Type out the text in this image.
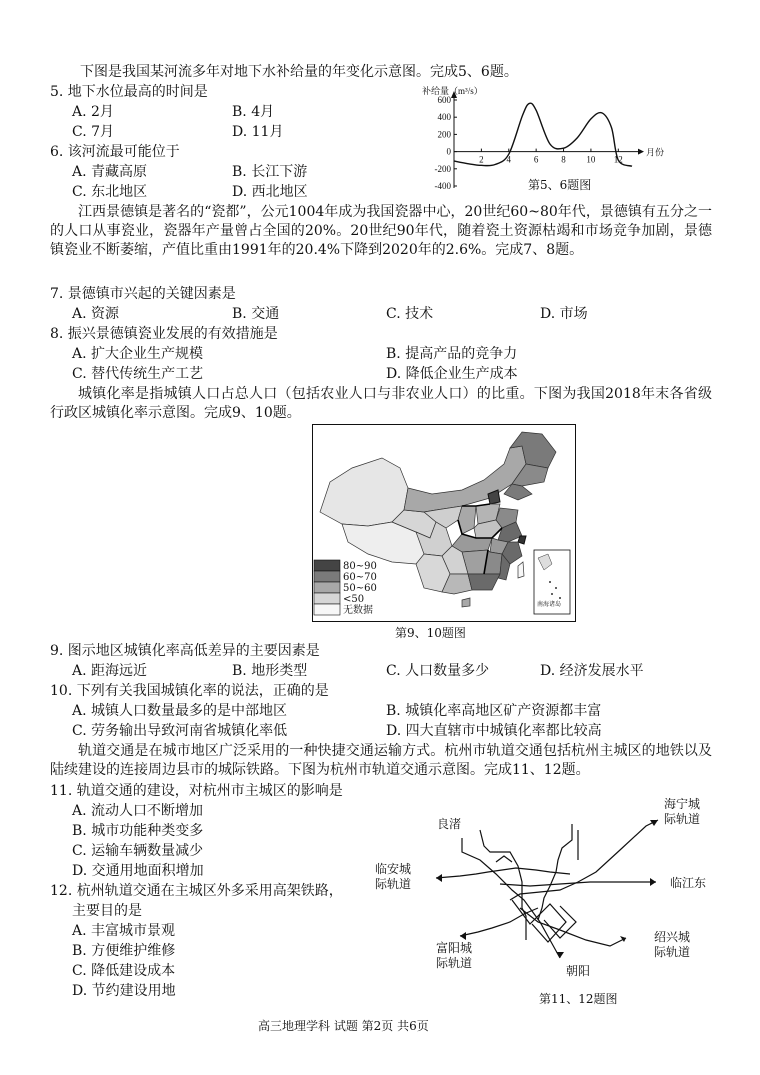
下图是我国某河流多年对地下水补给量的年变化示意图。完成5、6题。
5. 地下水位最高的时间是
A. 2月	B. 4月
C. 7月	D. 11月
6. 该河流最可能位于
A. 青藏高原	B. 长江下游
C. 东北地区	D. 西北地区
600
400
200
0
-200
-400
2	4	6	8 10 12
补给量（m³/s）
月份
第5、6题图
江西景德镇是著名的“瓷都”，公元1004年成为我国瓷器中心，20世纪60~80年代，景德镇有五分之一的人口从事瓷业，瓷器年产量曾占全国的20%。20世纪90年代，随着瓷土资源枯竭和市场竞争加剧，景德镇瓷业不断萎缩，产值比重由1991年的20.4%下降到2020年的2.6%。完成7、8题。
7. 景德镇市兴起的关键因素是
A. 资源	B. 交通	C. 技术	D. 市场
8. 振兴景德镇瓷业发展的有效措施是
A. 扩大企业生产规模	B. 提高产品的竞争力
C. 替代传统生产工艺	D. 降低企业生产成本
城镇化率是指城镇人口占总人口（包括农业人口与非农业人口）的比重。下图为我国2018年末各省级行政区城镇化率示意图。完成9、10题。
80~90
60~70
50~60
<50
无数据
南海诸岛
第9、10题图
9. 图示地区城镇化率高低差异的主要因素是
A. 距海远近	B. 地形类型	C. 人口数量多少	D. 经济发展水平
10. 下列有关我国城镇化率的说法，正确的是
A. 城镇人口数量最多的是中部地区	B. 城镇化率高地区矿产资源都丰富
C. 劳务输出导致河南省城镇化率低	D. 四大直辖市中城镇化率都比较高
轨道交通是在城市地区广泛采用的一种快捷交通运输方式。杭州市轨道交通包括杭州主城区的地铁以及陆续建设的连接周边县市的城际铁路。下图为杭州市轨道交通示意图。完成11、12题。
11. 轨道交通的建设，对杭州市主城区的影响是
A. 流动人口不断增加
B. 城市功能种类变多
C. 运输车辆数量减少
D. 交通用地面积增加
12. 杭州轨道交通在主城区外多采用高架铁路，
主要目的是
A. 丰富城市景观
B. 方便维护维修
C. 降低建设成本
D. 节约建设用地
良渚
海宁城
际轨道
临安城
际轨道	临江东
富阳城
际轨道
绍兴城
际轨道
朝阳
第11、12题图
高三地理学科 试题 第2页 共6页
